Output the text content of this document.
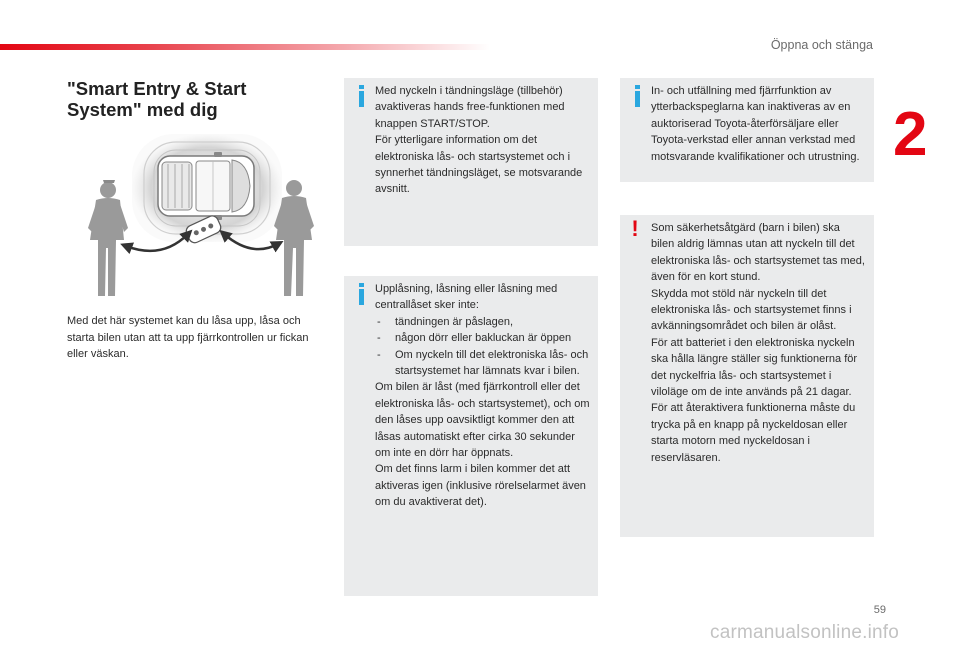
Öppna och stänga
2
"Smart Entry & Start
System" med dig

Med det här systemet kan du låsa upp, låsa och starta bilen utan att ta upp fjärrkontrollen ur fickan eller väskan.

Med nyckeln i tändningsläge (tillbehör) avaktiveras hands free-funktionen med knappen START/STOP.

För ytterligare information om det elektroniska lås- och startsystemet och i synnerhet tändningsläget, se motsvarande avsnitt.

Upplåsning, låsning eller låsning med centrallåset sker inte:

- tändningen är påslagen,
- någon dörr eller bakluckan är öppen
- Om nyckeln till det elektroniska lås- och startsystemet har lämnats kvar i bilen.

Om bilen är låst (med fjärrkontroll eller det elektroniska lås- och startsystemet), och om den låses upp oavsiktligt kommer den att låsas automatiskt efter cirka 30 sekunder om inte en dörr har öppnats.

Om det finns larm i bilen kommer det att aktiveras igen (inklusive rörelselarmet även om du avaktiverat det).

In- och utfällning med fjärrfunktion av ytterbackspeglarna kan inaktiveras av en auktoriserad Toyota-återförsäljare eller Toyota-verkstad eller annan verkstad med motsvarande kvalifikationer och utrustning.

! Som säkerhetsåtgärd (barn i bilen) ska bilen aldrig lämnas utan att nyckeln till det elektroniska lås- och startsystemet tas med, även för en kort stund.

Skydda mot stöld när nyckeln till det elektroniska lås- och startsystemet finns i avkänningsområdet och bilen är olåst.

För att batteriet i den elektroniska nyckeln ska hålla längre ställer sig funktionerna för det nyckelfria lås- och startsystemet i viloläge om de inte används på 21 dagar.

För att återaktivera funktionerna måste du trycka på en knapp på nyckeldosan eller starta motorn med nyckeldosan i reservläsaren.

59
carmanualsonline.info
